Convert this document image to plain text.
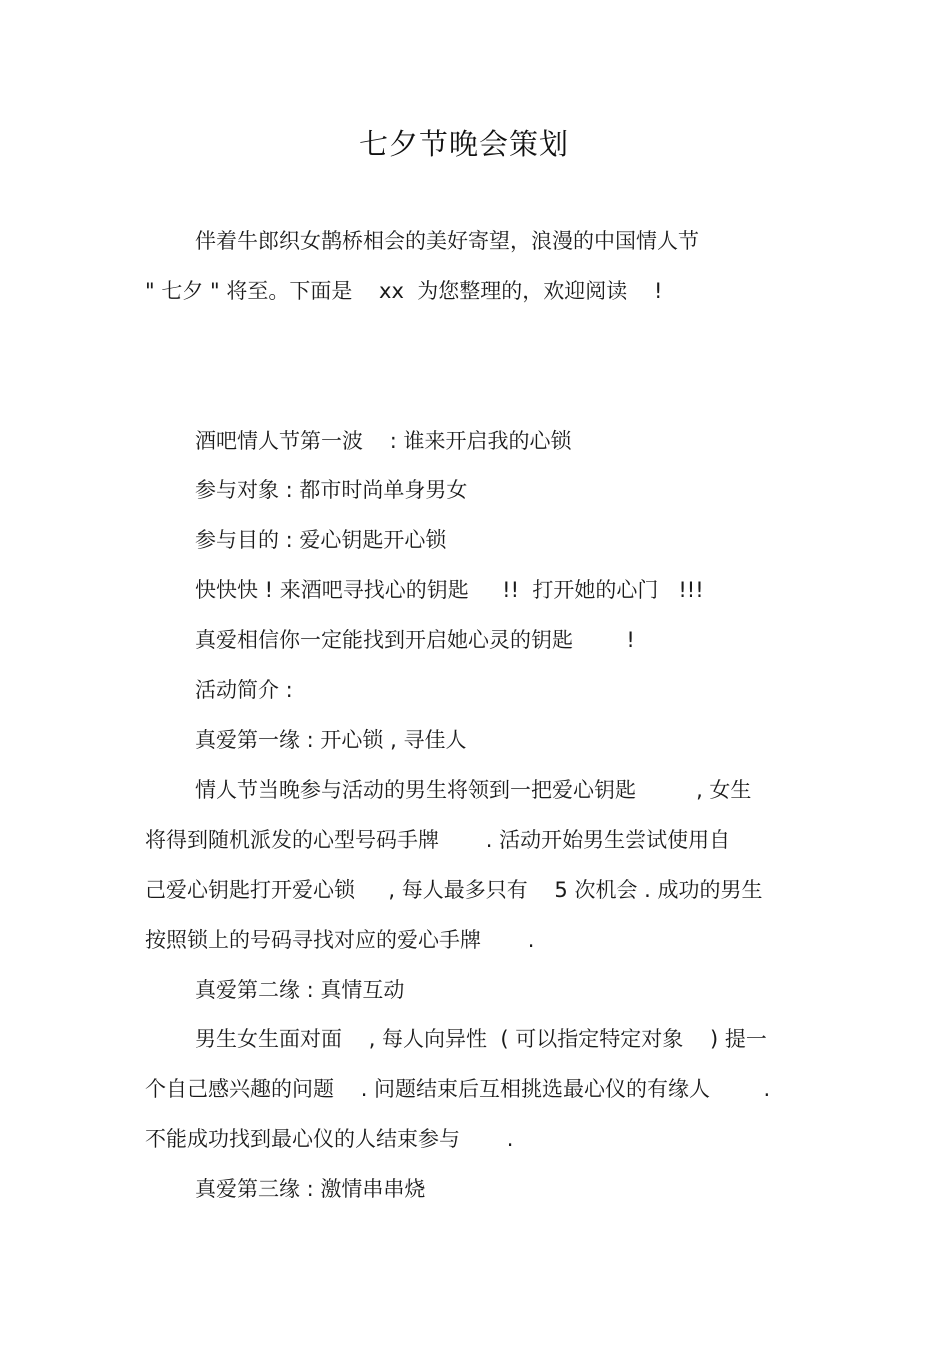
七夕节晚会策划
伴着牛郎织女鹊桥相会的美好寄望，浪漫的中国情人节
" 七夕 " 将至。下面是    xx  为您整理的，欢迎阅读    !
酒吧情人节第一波    : 谁来开启我的心锁
参与对象 : 都市时尚单身男女
参与目的 : 爱心钥匙开心锁
快快快 ! 来酒吧寻找心的钥匙     !!  打开她的心门   !!!
真爱相信你一定能找到开启她心灵的钥匙        !
活动简介 :
真爱第一缘 : 开心锁 , 寻佳人
情人节当晚参与活动的男生将领到一把爱心钥匙         , 女生
将得到随机派发的心型号码手牌       . 活动开始男生尝试使用自
己爱心钥匙打开爱心锁     , 每人最多只有    5 次机会 . 成功的男生
按照锁上的号码寻找对应的爱心手牌       .
真爱第二缘 : 真情互动
男生女生面对面    , 每人向异性  ( 可以指定特定对象    ) 提一
个自己感兴趣的问题    . 问题结束后互相挑选最心仪的有缘人        .
不能成功找到最心仪的人结束参与       .
真爱第三缘 : 激情串串烧
